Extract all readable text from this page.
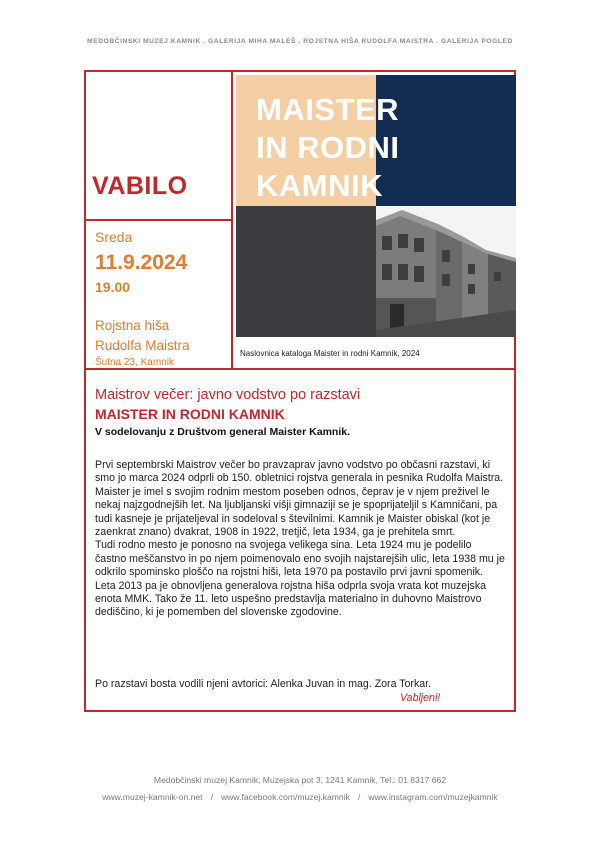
MEDOBČINSKI MUZEJ KAMNIK . GALERIJA MIHA MALEŠ . ROJSTNA HIŠA RUDOLFA MAISTRA . GALERIJA POGLED
VABILO
Sreda
11.9.2024
19.00
Rojstna hiša
Rudolfa Maistra
Šutna 23, Kamnik
MAISTER
IN RODNI
KAMNIK
Naslovnica kataloga Maister in rodni Kamnik, 2024
Maistrov večer: javno vodstvo po razstavi
MAISTER IN RODNI KAMNIK
V sodelovanju z Društvom general Maister Kamnik.

Prvi septembrski Maistrov večer bo pravzaprav javno vodstvo po občasni razstavi, ki smo jo marca 2024 odprli ob 150. obletnici rojstva generala in pesnika Rudolfa Maistra.

Maister je imel s svojim rodnim mestom poseben odnos, čeprav je v njem preživel le nekaj najzgodnejših let. Na ljubljanski višji gimnaziji se je spoprijateljil s Kamničani, pa tudi kasneje je prijateljeval in sodeloval s številnimi. Kamnik je Maister obiskal (kot je zaenkrat znano) dvakrat, 1908 in 1922, tretjič, leta 1934, ga je prehitela smrt.

Tudi rodno mesto je ponosno na svojega velikega sina. Leta 1924 mu je podelilo častno meščanstvo in po njem poimenovalo eno svojih najstarejših ulic, leta 1938 mu je odkrilo spominsko ploščo na rojstni hiši, leta 1970 pa postavilo prvi javni spomenik. Leta 2013 pa je obnovljena generalova rojstna hiša odprla svoja vrata kot muzejska enota MMK. Tako že 11. leto uspešno predstavlja materialno in duhovno Maistrovo dediščino, ki je pomemben del slovenske zgodovine.

Po razstavi bosta vodili njeni avtorici: Alenka Juvan in mag. Zora Torkar.
Vabljeni!
Medobčinski muzej Kamnik, Muzejska pot 3, 1241 Kamnik, Tel.: 01 8317 662
www.muzej-kamnik-on.net / www.facebook.com/muzej.kamnik / www.instagram.com/muzejkamnik
